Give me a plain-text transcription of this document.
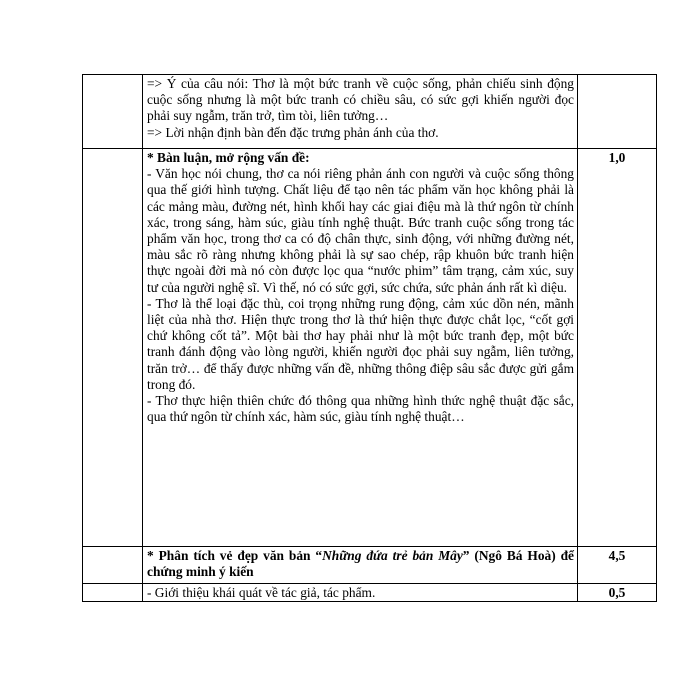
	=> Ý của câu nói: Thơ là một bức tranh về cuộc sống, phản chiếu sinh động cuộc sống nhưng là một bức tranh có chiều sâu, có sức gợi khiến người đọc phải suy ngẫm, trăn trở, tìm tòi, liên tưởng…
=> Lời nhận định bàn đến đặc trưng phản ánh của thơ.	

	* Bàn luận, mở rộng vấn đề:
- Văn học nói chung, thơ ca nói riêng phản ánh con người và cuộc sống thông qua thế giới hình tượng. Chất liệu để tạo nên tác phẩm văn học không phải là các mảng màu, đường nét, hình khối hay các giai điệu mà là thứ ngôn từ chính xác, trong sáng, hàm súc, giàu tính nghệ thuật. Bức tranh cuộc sống trong tác phẩm văn học, trong thơ ca có độ chân thực, sinh động, với những đường nét, màu sắc rõ ràng nhưng không phải là sự sao chép, rập khuôn bức tranh hiện thực ngoài đời mà nó còn được lọc qua “nước phim” tâm trạng, cảm xúc, suy tư của người nghệ sĩ. Vì thế, nó có sức gợi, sức chứa, sức phản ánh rất kì diệu.
- Thơ là thể loại đặc thù, coi trọng những rung động, cảm xúc dồn nén, mãnh liệt của nhà thơ. Hiện thực trong thơ là thứ hiện thực được chắt lọc, “cốt gợi chứ không cốt tả”. Một bài thơ hay phải như là một bức tranh đẹp, một bức tranh đánh động vào lòng người, khiến người đọc phải suy ngẫm, liên tưởng, trăn trở… để thấy được những vấn đề, những thông điệp sâu sắc được gửi gắm trong đó.
- Thơ thực hiện thiên chức đó thông qua những hình thức nghệ thuật đặc sắc, qua thứ ngôn từ chính xác, hàm súc, giàu tính nghệ thuật…	1,0

	* Phân tích vẻ đẹp văn bản “Những đứa trẻ bản Mây” (Ngô Bá Hoà) để chứng minh ý kiến	4,5

	- Giới thiệu khái quát về tác giả, tác phẩm.	0,5
